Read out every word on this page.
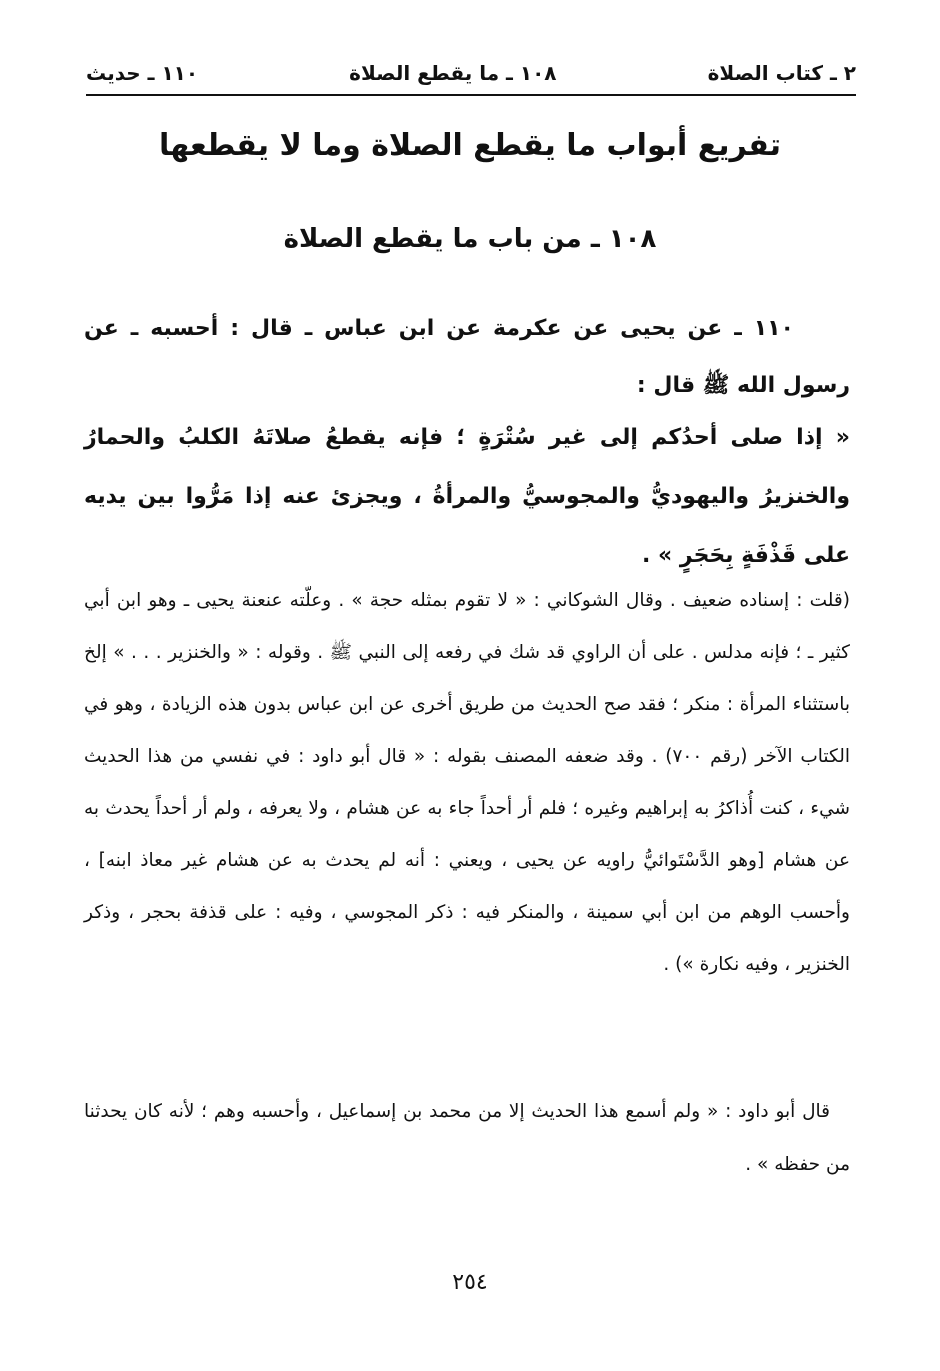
٢ ـ كتاب الصلاة
١٠٨ ـ ما يقطع الصلاة
١١٠ ـ حديث
تفريع أبواب ما يقطع الصلاة وما لا يقطعها
١٠٨ ـ من باب ما يقطع الصلاة
١١٠ ـ عن يحيى عن عكرمة عن ابن عباس ـ قال : أحسبه ـ عن رسول الله ﷺ قال :
« إذا صلى أحدُكم إلى غير سُتْرَةٍ ؛ فإنه يقطعُ صلاتَهُ الكلبُ والحمارُ والخنزيرُ واليهوديُّ والمجوسيُّ والمرأةُ ، ويجزئ عنه إذا مَرُّوا بين يديه على قَذْفَةٍ بِحَجَرٍ » .
(قلت : إسناده ضعيف . وقال الشوكاني : « لا تقوم بمثله حجة » . وعلّته عنعنة يحيى ـ وهو ابن أبي كثير ـ ؛ فإنه مدلس . على أن الراوي قد شك في رفعه إلى النبي ﷺ . وقوله : « والخنزير . . . » إلخ باستثناء المرأة : منكر ؛ فقد صح الحديث من طريق أخرى عن ابن عباس بدون هذه الزيادة ، وهو في الكتاب الآخر (رقم ٧٠٠) . وقد ضعفه المصنف بقوله : « قال أبو داود : في نفسي من هذا الحديث شيء ، كنت أُذاكرُ به إبراهيم وغيره ؛ فلم أر أحداً جاء به عن هشام ، ولا يعرفه ، ولم أر أحداً يحدث به عن هشام [وهو الدَّسْتَوائيُّ راويه عن يحيى ، ويعني : أنه لم يحدث به عن هشام غير معاذ ابنه] ، وأحسب الوهم من ابن أبي سمينة ، والمنكر فيه : ذكر المجوسي ، وفيه : على قذفة بحجر ، وذكر الخنزير ، وفيه نكارة ») .
قال أبو داود : « ولم أسمع هذا الحديث إلا من محمد بن إسماعيل ، وأحسبه وهم ؛ لأنه كان يحدثنا من حفظه » .
٢٥٤
